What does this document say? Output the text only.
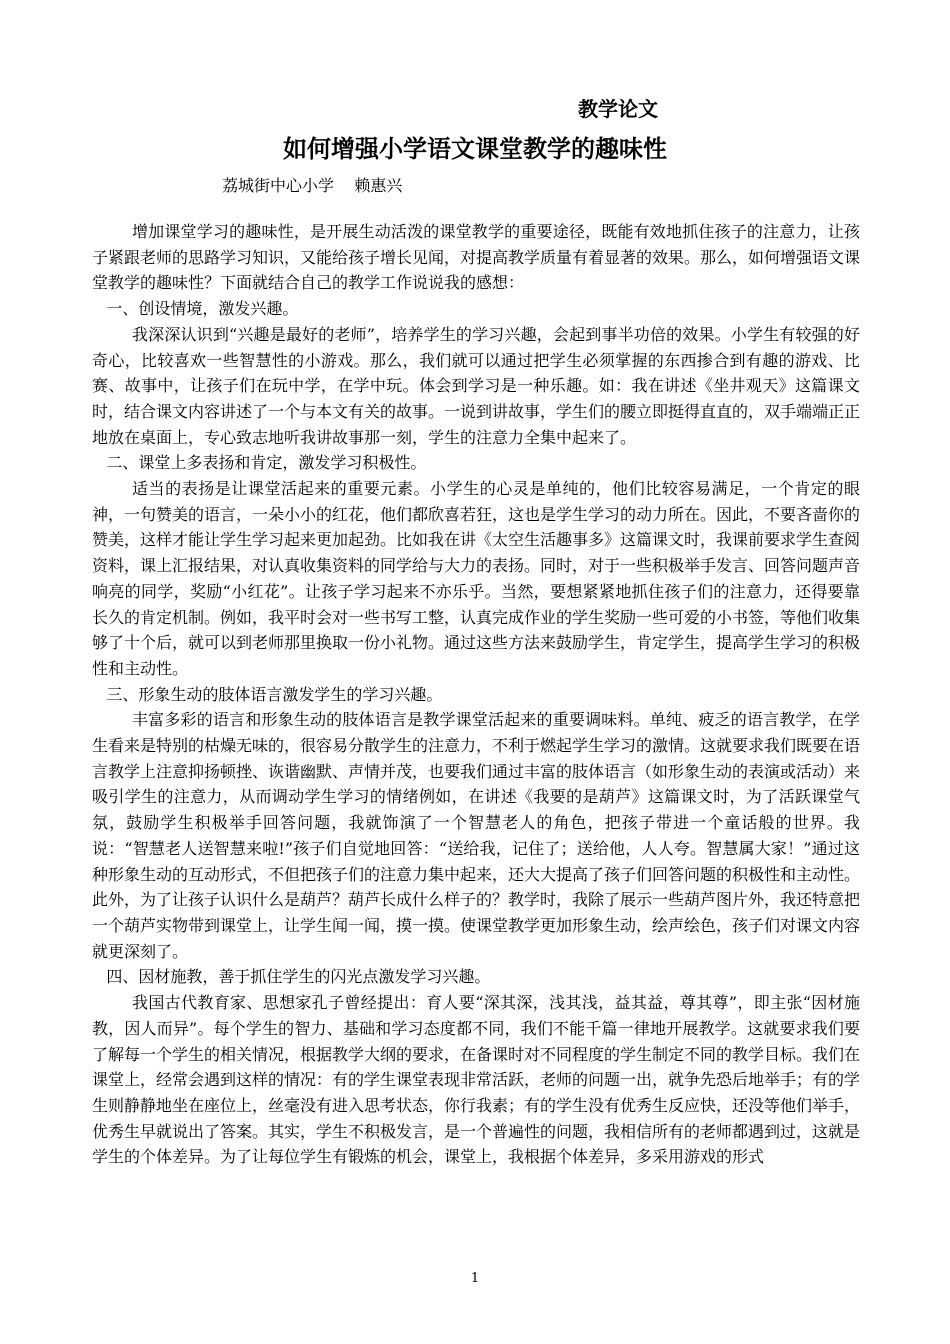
教学论文
如何增强小学语文课堂教学的趣味性
荔城街中心小学    赖惠兴

增加课堂学习的趣味性，是开展生动活泼的课堂教学的重要途径，既能有效地抓住孩子的注意力，让孩子紧跟老师的思路学习知识，又能给孩子增长见闻，对提高教学质量有着显著的效果。那么，如何增强语文课堂教学的趣味性？下面就结合自己的教学工作说说我的感想：

一、创设情境，激发兴趣。

我深深认识到“兴趣是最好的老师”，培养学生的学习兴趣，会起到事半功倍的效果。小学生有较强的好奇心，比较喜欢一些智慧性的小游戏。那么，我们就可以通过把学生必须掌握的东西掺合到有趣的游戏、比赛、故事中，让孩子们在玩中学，在学中玩。体会到学习是一种乐趣。如：我在讲述《坐井观天》这篇课文时，结合课文内容讲述了一个与本文有关的故事。一说到讲故事，学生们的腰立即挺得直直的，双手端端正正地放在桌面上，专心致志地听我讲故事那一刻，学生的注意力全集中起来了。

二、课堂上多表扬和肯定，激发学习积极性。

适当的表扬是让课堂活起来的重要元素。小学生的心灵是单纯的，他们比较容易满足，一个肯定的眼神，一句赞美的语言，一朵小小的红花，他们都欣喜若狂，这也是学生学习的动力所在。因此，不要吝啬你的赞美，这样才能让学生学习起来更加起劲。比如我在讲《太空生活趣事多》这篇课文时，我课前要求学生查阅资料，课上汇报结果，对认真收集资料的同学给与大力的表扬。同时，对于一些积极举手发言、回答问题声音响亮的同学，奖励“小红花”。让孩子学习起来不亦乐乎。当然，要想紧紧地抓住孩子们的注意力，还得要靠长久的肯定机制。例如，我平时会对一些书写工整，认真完成作业的学生奖励一些可爱的小书签，等他们收集够了十个后，就可以到老师那里换取一份小礼物。通过这些方法来鼓励学生，肯定学生，提高学生学习的积极性和主动性。

三、形象生动的肢体语言激发学生的学习兴趣。

丰富多彩的语言和形象生动的肢体语言是教学课堂活起来的重要调味料。单纯、疲乏的语言教学，在学生看来是特别的枯燥无味的，很容易分散学生的注意力，不利于燃起学生学习的激情。这就要求我们既要在语言教学上注意抑扬顿挫、诙谐幽默、声情并茂，也要我们通过丰富的肢体语言（如形象生动的表演或活动）来吸引学生的注意力，从而调动学生学习的情绪例如，在讲述《我要的是葫芦》这篇课文时，为了活跃课堂气氛，鼓励学生积极举手回答问题，我就饰演了一个智慧老人的角色，把孩子带进一个童话般的世界。我说：“智慧老人送智慧来啦!”孩子们自觉地回答：“送给我，记住了；送给他，人人夸。智慧属大家！”通过这种形象生动的互动形式，不但把孩子们的注意力集中起来，还大大提高了孩子们回答问题的积极性和主动性。此外，为了让孩子认识什么是葫芦？葫芦长成什么样子的？教学时，我除了展示一些葫芦图片外，我还特意把一个葫芦实物带到课堂上，让学生闻一闻，摸一摸。使课堂教学更加形象生动，绘声绘色，孩子们对课文内容就更深刻了。

四、因材施教，善于抓住学生的闪光点激发学习兴趣。

我国古代教育家、思想家孔子曾经提出：育人要“深其深，浅其浅，益其益，尊其尊”，即主张“因材施教，因人而异”。每个学生的智力、基础和学习态度都不同，我们不能千篇一律地开展教学。这就要求我们要了解每一个学生的相关情况，根据教学大纲的要求，在备课时对不同程度的学生制定不同的教学目标。我们在课堂上，经常会遇到这样的情况：有的学生课堂表现非常活跃，老师的问题一出，就争先恐后地举手；有的学生则静静地坐在座位上，丝毫没有进入思考状态，你行我素；有的学生没有优秀生反应快，还没等他们举手，优秀生早就说出了答案。其实，学生不积极发言，是一个普遍性的问题，我相信所有的老师都遇到过，这就是学生的个体差异。为了让每位学生有锻炼的机会，课堂上，我根据个体差异，多采用游戏的形式

1
